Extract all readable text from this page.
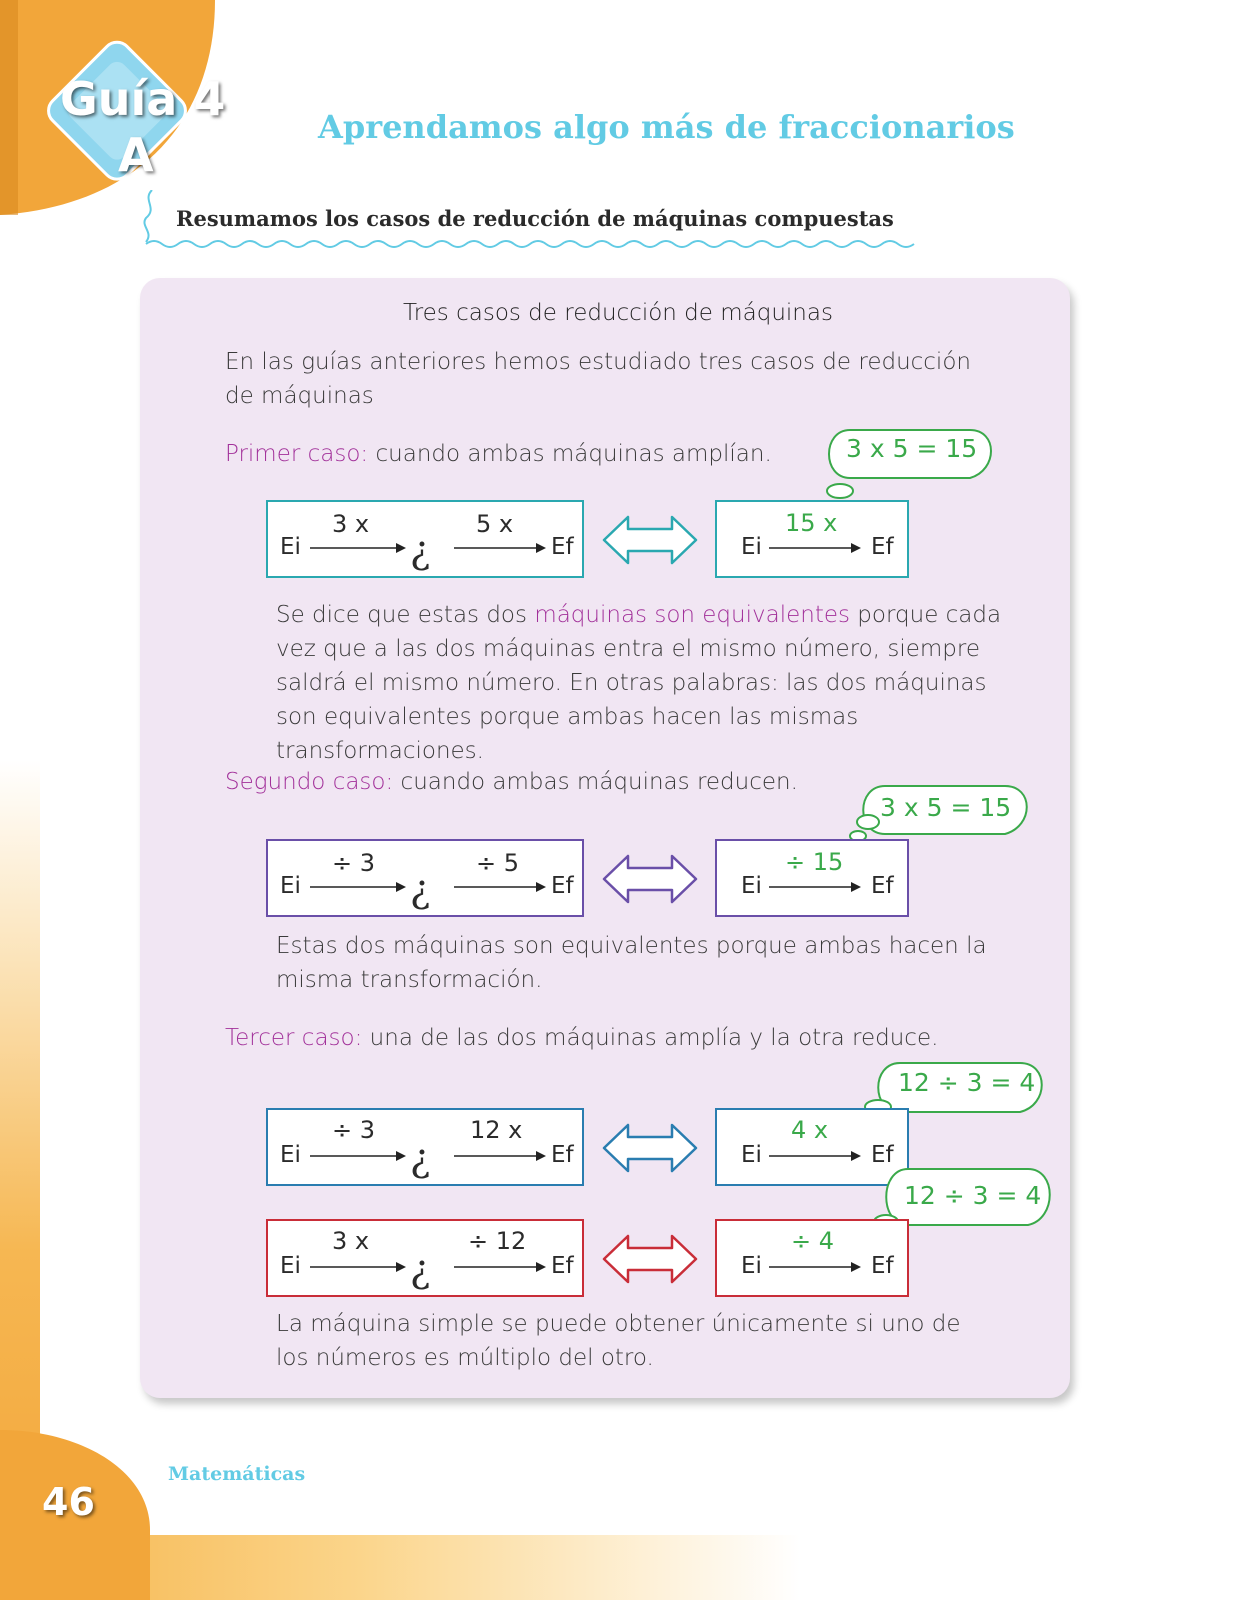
Guía 4
A
Aprendamos algo más de fraccionarios
Resumamos los casos de reducción de máquinas compuestas
Tres casos de reducción de máquinas
En las guías anteriores hemos estudiado tres casos de reducción de máquinas
Primer caso: cuando ambas máquinas amplían.	3 x 5 = 15
Ei
3 x
¿
5 x
Ef	Ei
15 x
Ef
Se dice que estas dos máquinas son equivalentes porque cada vez que a las dos máquinas entra el mismo número, siempre saldrá el mismo número. En otras palabras: las dos máquinas son equivalentes porque ambas hacen las mismas transformaciones.
Segundo caso: cuando ambas máquinas reducen.
3 x 5 = 15
Ei
÷ 3
¿
÷ 5
Ef	Ei
÷ 15
Ef
Estas dos máquinas son equivalentes porque ambas hacen la misma transformación.
Tercer caso: una de las dos máquinas amplía y la otra reduce.
12 ÷ 3 = 4
Ei
÷ 3
¿
12 x
Ef	Ei
4 x
Ef
12 ÷ 3 = 4
Ei
3 x
¿
÷ 12
Ef	Ei
÷ 4
Ef
La máquina simple se puede obtener únicamente si uno de los números es múltiplo del otro.
Matemáticas
46
